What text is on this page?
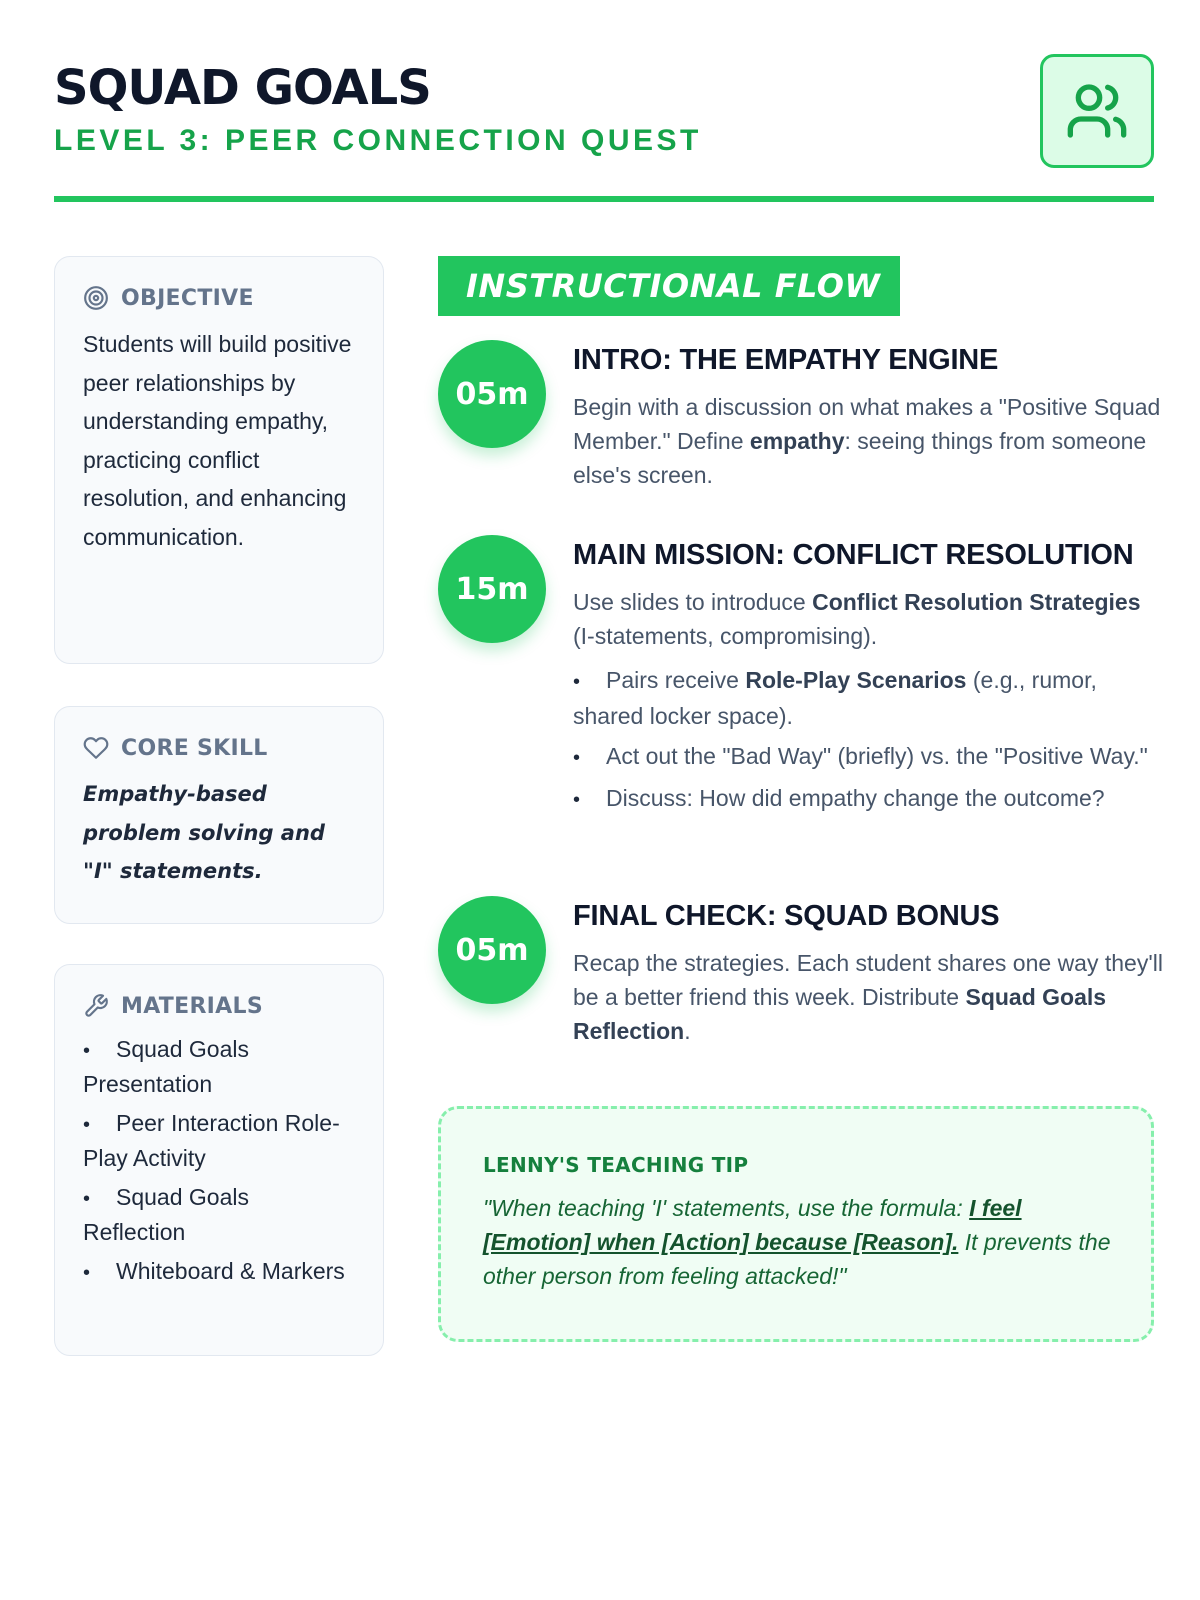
SQUAD GOALS
LEVEL 3: PEER CONNECTION QUEST
OBJECTIVE
Students will build positive peer relationships by understanding empathy, practicing conflict resolution, and enhancing communication.
CORE SKILL
Empathy-based problem solving and "I" statements.
MATERIALS
• Squad Goals Presentation
• Peer Interaction Role-Play Activity
• Squad Goals Reflection
• Whiteboard & Markers
INSTRUCTIONAL FLOW
05m
INTRO: THE EMPATHY ENGINE
Begin with a discussion on what makes a "Positive Squad Member." Define empathy: seeing things from someone else's screen.
15m
MAIN MISSION: CONFLICT RESOLUTION
Use slides to introduce Conflict Resolution Strategies (I-statements, compromising).
• Pairs receive Role-Play Scenarios (e.g., rumor, shared locker space).
• Act out the "Bad Way" (briefly) vs. the "Positive Way."
• Discuss: How did empathy change the outcome?
05m
FINAL CHECK: SQUAD BONUS
Recap the strategies. Each student shares one way they'll be a better friend this week. Distribute Squad Goals Reflection.
LENNY'S TEACHING TIP
"When teaching 'I' statements, use the formula: I feel [Emotion] when [Action] because [Reason]. It prevents the other person from feeling attacked!"
